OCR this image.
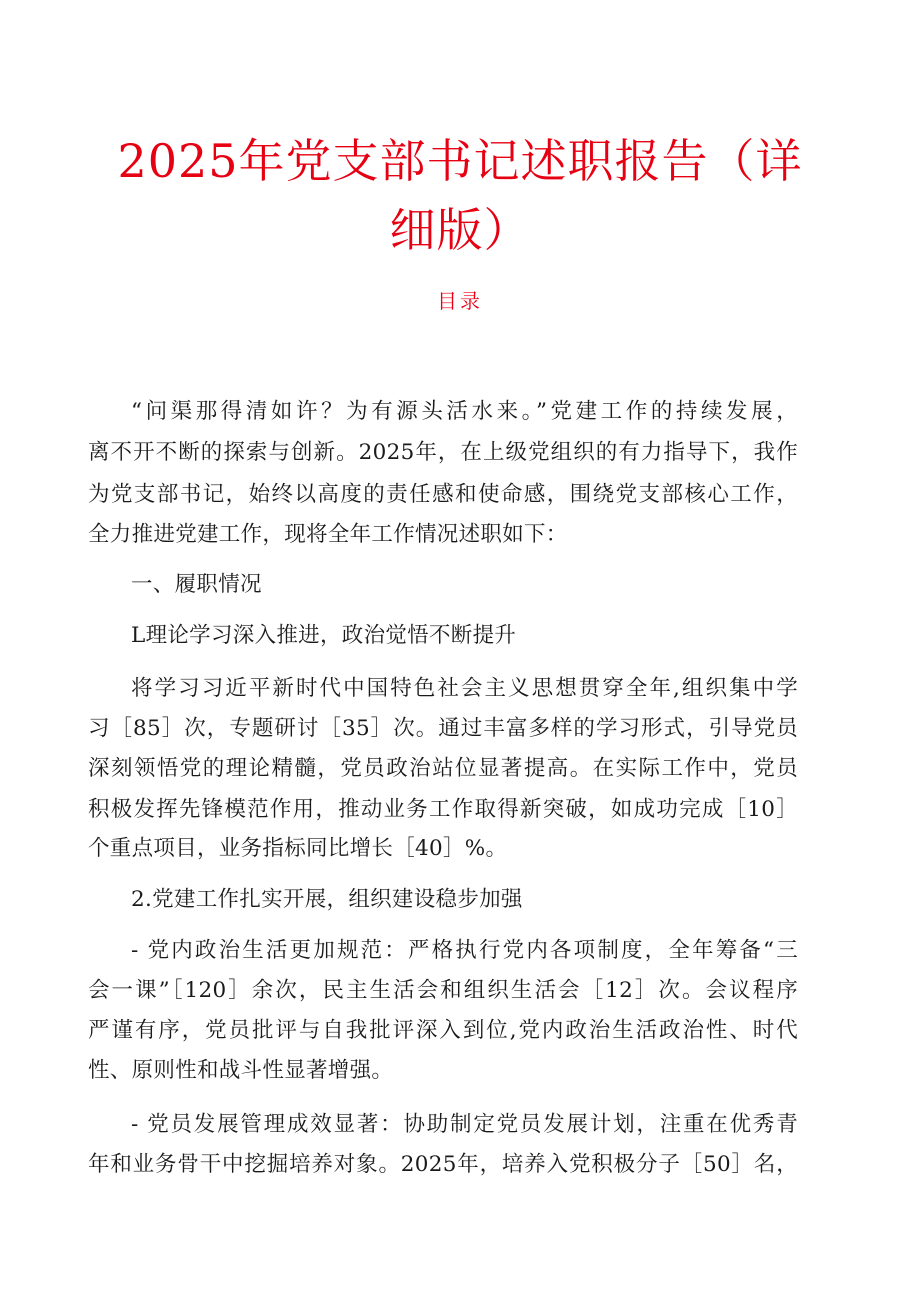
2025年党支部书记述职报告（详
细版）
目录
“问渠那得清如许？为有源头活水来。”党建工作的持续发展，
离不开不断的探索与创新。2025年，在上级党组织的有力指导下，我作
为党支部书记，始终以高度的责任感和使命感，围绕党支部核心工作，
全力推进党建工作，现将全年工作情况述职如下：
一、履职情况
L理论学习深入推进，政治觉悟不断提升
将学习习近平新时代中国特色社会主义思想贯穿全年,组织集中学
习［85］次，专题研讨［35］次。通过丰富多样的学习形式，引导党员
深刻领悟党的理论精髓，党员政治站位显著提高。在实际工作中，党员
积极发挥先锋模范作用，推动业务工作取得新突破，如成功完成［10］
个重点项目，业务指标同比增长［40］%。
2.党建工作扎实开展，组织建设稳步加强
- 党内政治生活更加规范：严格执行党内各项制度，全年筹备“三
会一课”［120］余次，民主生活会和组织生活会［12］次。会议程序
严谨有序，党员批评与自我批评深入到位,党内政治生活政治性、时代
性、原则性和战斗性显著增强。
- 党员发展管理成效显著：协助制定党员发展计划，注重在优秀青
年和业务骨干中挖掘培养对象。2025年，培养入党积极分子［50］名，
